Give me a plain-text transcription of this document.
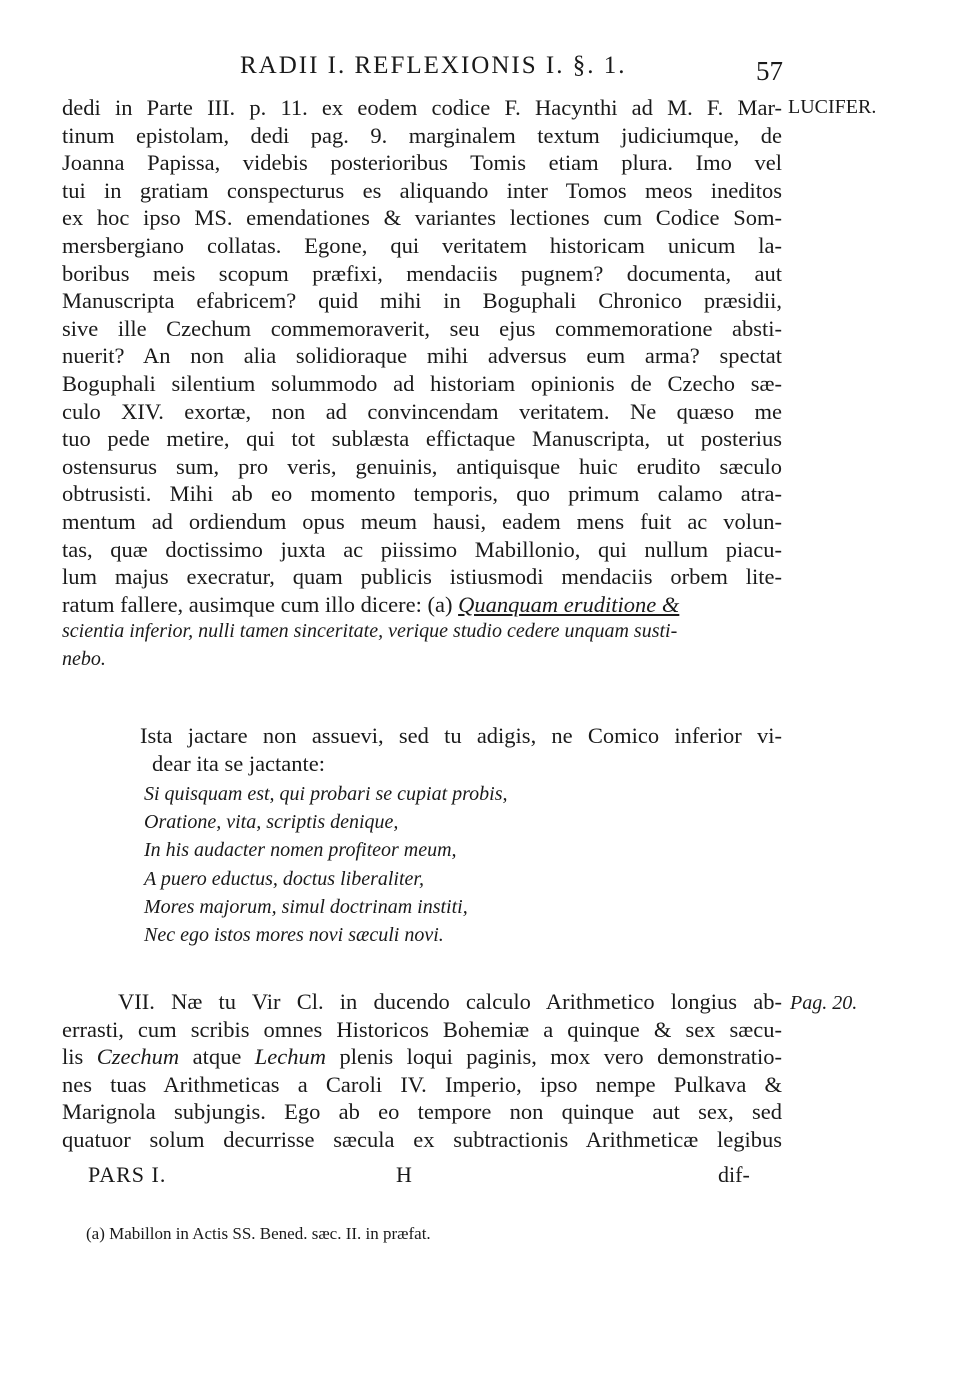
RADII I. REFLEXIONIS I. §. 1.	57
LUCIFER.
dedi in Parte III. p. 11. ex eodem codice F. Hacynthi ad M. F. Mar-
tinum epistolam, dedi pag. 9. marginalem textum judiciumque, de
Joanna Papissa, videbis posterioribus Tomis etiam plura. Imo vel
tui in gratiam conspecturus es aliquando inter Tomos meos ineditos
ex hoc ipso MS. emendationes & variantes lectiones cum Codice Som-
mersbergiano collatas. Egone, qui veritatem historicam unicum la-
boribus meis scopum præfixi, mendaciis pugnem? documenta, aut
Manuscripta efabricem? quid mihi in Boguphali Chronico præsidii,
sive ille Czechum commemoraverit, seu ejus commemoratione absti-
nuerit? An non alia solidioraque mihi adversus eum arma? spectat
Boguphali silentium solummodo ad historiam opinionis de Czecho sæ-
culo XIV. exortæ, non ad convincendam veritatem. Ne quæso me
tuo pede metire, qui tot sublæsta effictaque Manuscripta, ut posterius
ostensurus sum, pro veris, genuinis, antiquisque huic erudito sæculo
obtrusisti. Mihi ab eo momento temporis, quo primum calamo atra-
mentum ad ordiendum opus meum hausi, eadem mens fuit ac volun-
tas, quæ doctissimo juxta ac piissimo Mabillonio, qui nullum piacu-
lum majus execratur, quam publicis istiusmodi mendaciis orbem lite-
ratum fallere, ausimque cum illo dicere: (a) Quanquam eruditione &
scientia inferior, nulli tamen sinceritate, verique studio cedere unquam susti-
nebo.
Ista jactare non assuevi, sed tu adigis, ne Comico inferior vi-
dear ita se jactante:
Si quisquam est, qui probari se cupiat probis,
Oratione, vita, scriptis denique,
In his audacter nomen profiteor meum,
A puero eductus, doctus liberaliter,
Mores majorum, simul doctrinam institi,
Nec ego istos mores novi sæculi novi.
Pag. 20.
VII. Næ tu Vir Cl. in ducendo calculo Arithmetico longius ab-
errasti, cum scribis omnes Historicos Bohemiæ a quinque & sex sæcu-
lis Czechum atque Lechum plenis loqui paginis, mox vero demonstratio-
nes tuas Arithmeticas a Caroli IV. Imperio, ipso nempe Pulkava &
Marignola subjungis. Ego ab eo tempore non quinque aut sex, sed
quatuor solum decurrisse sæcula ex subtractionis Arithmeticæ legibus
PARS I.	H	dif-
(a) Mabillon in Actis SS. Bened. sæc. II. in præfat.
